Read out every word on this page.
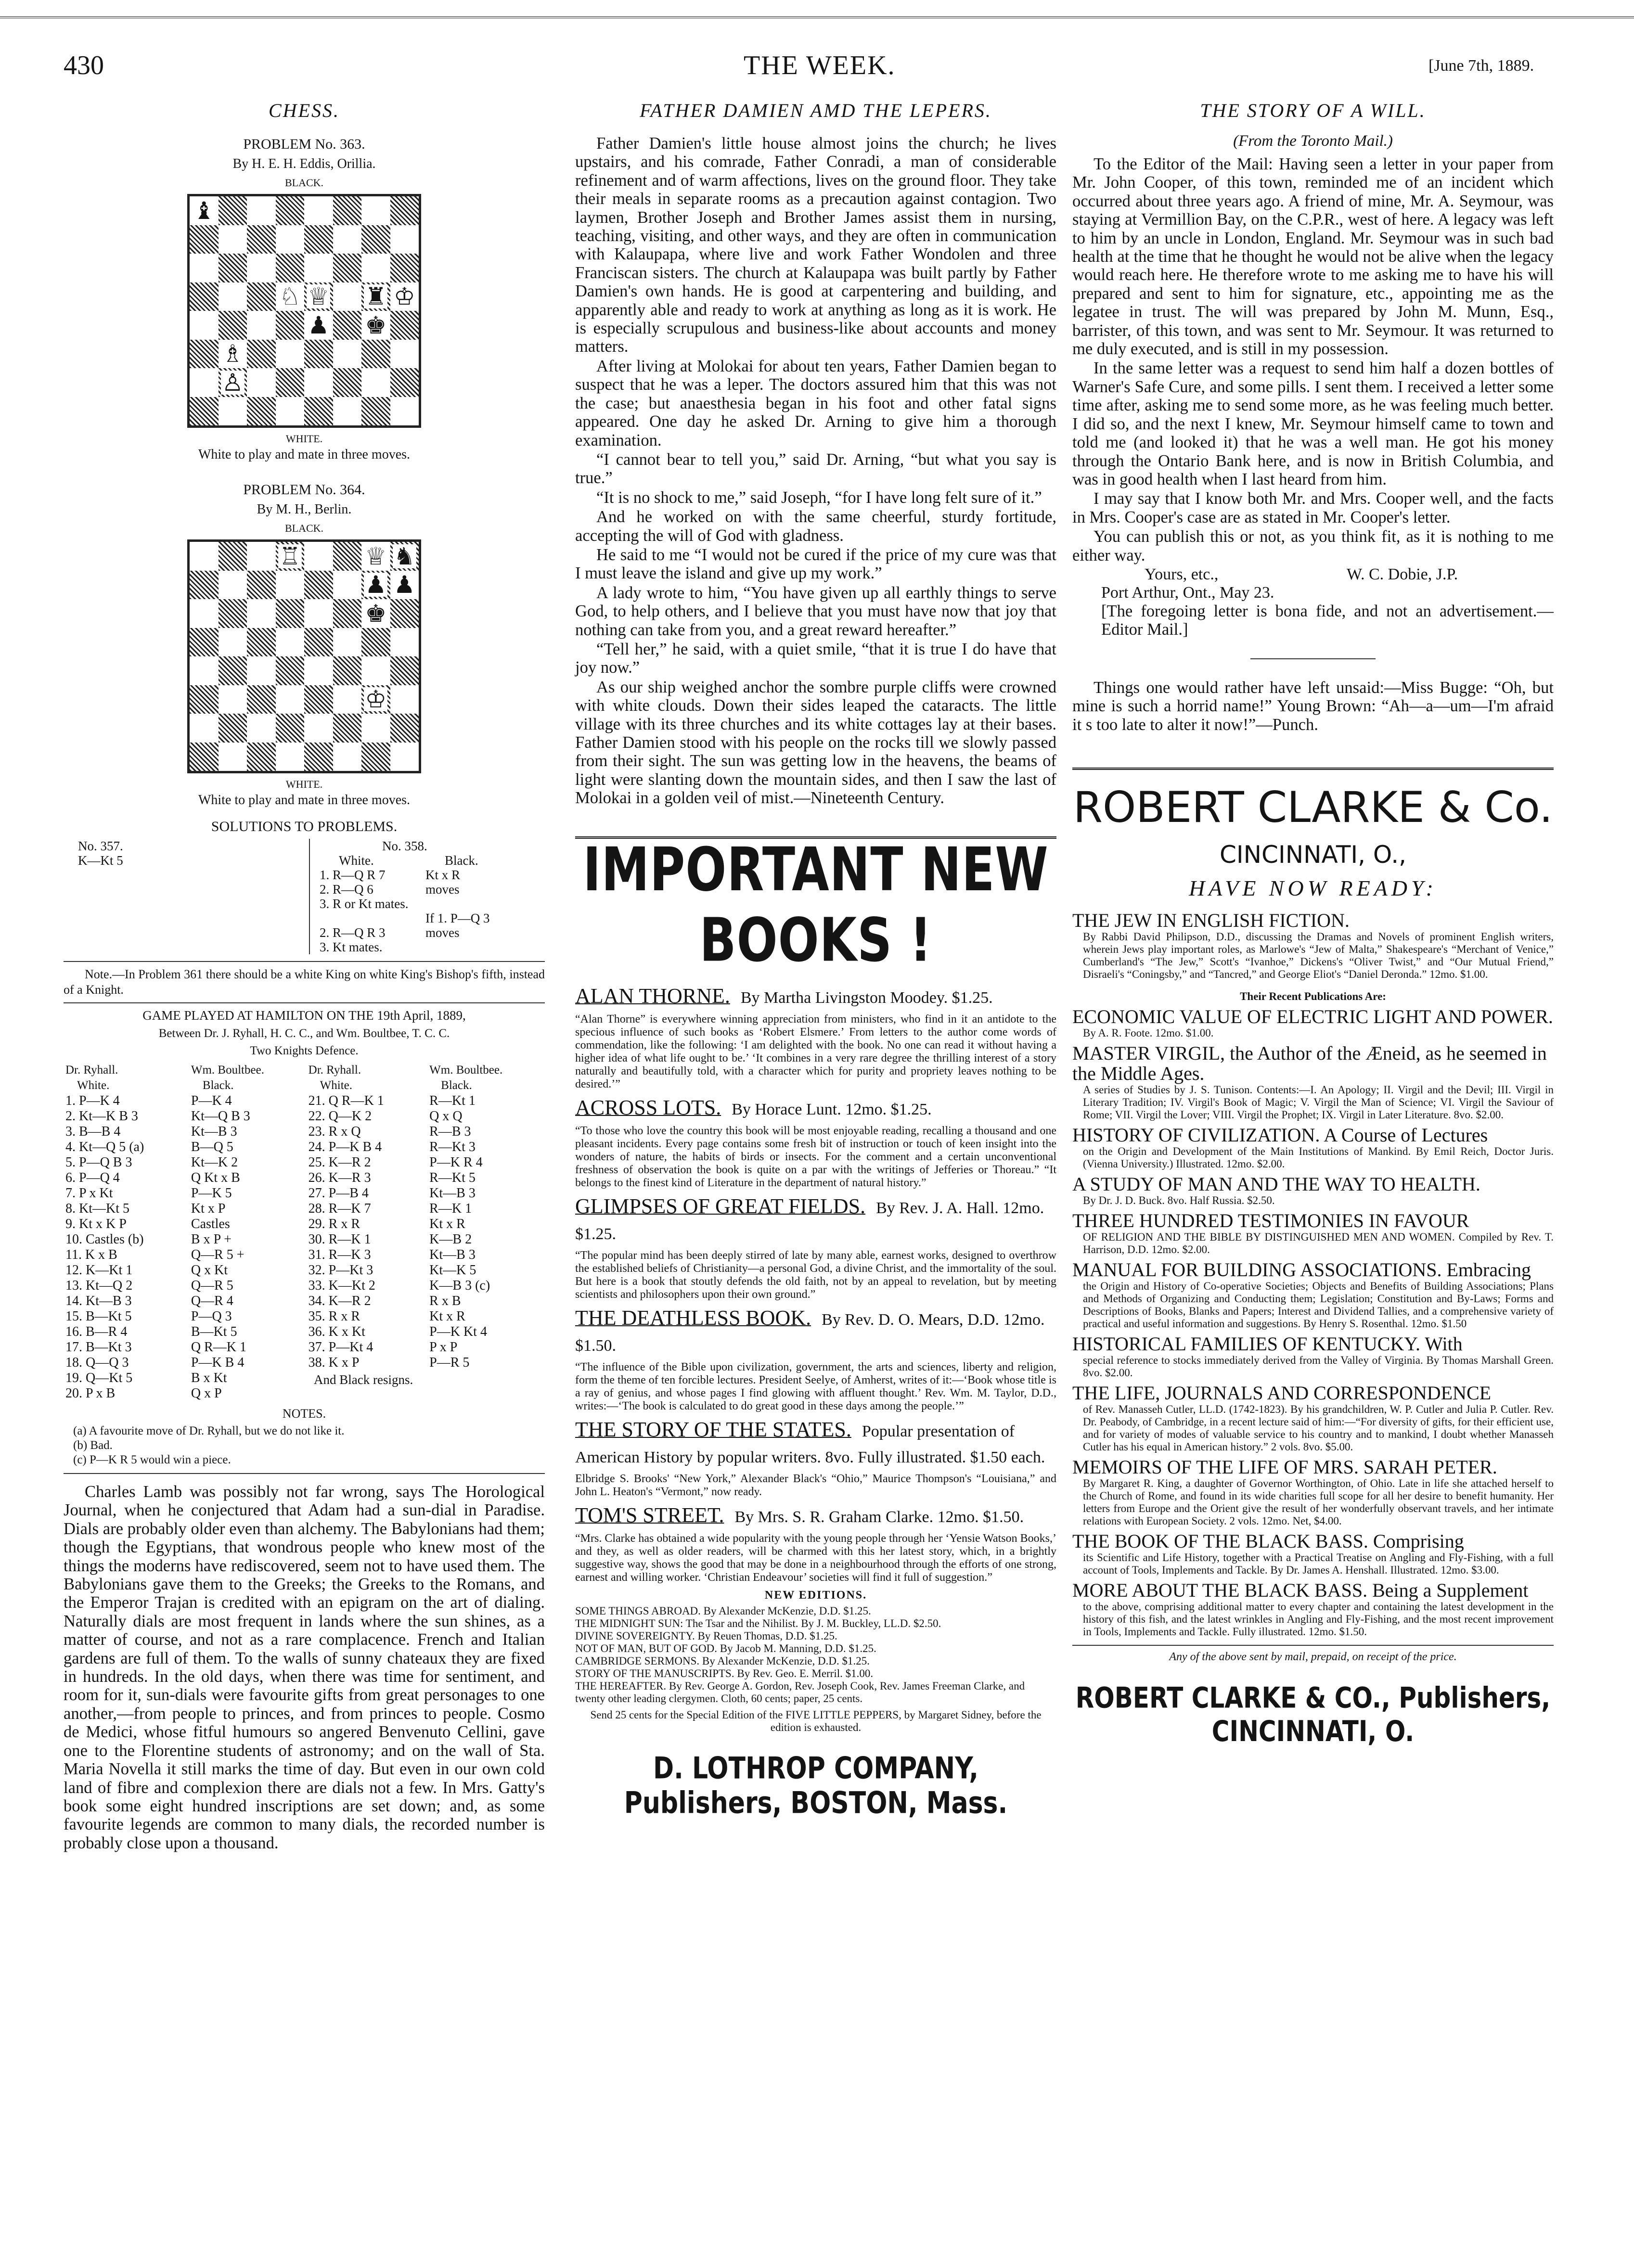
430	THE WEEK.	[June 7th, 1889.
CHESS.
PROBLEM No. 363.
By H. E. H. Eddis, Orillia.
BLACK.
♝
♘ ♕ ♜ ♔
♟ ♚
♗
♙
WHITE.
White to play and mate in three moves.
PROBLEM No. 364.
By M. H., Berlin.
BLACK.
♖	♕ ♞
♟ ♟
♚
♔
WHITE.
White to play and mate in three moves.
SOLUTIONS TO PROBLEMS.
No. 357.
K—Kt 5
No. 358.
White.	Black.
1. R—Q R 7	Kt x R
2. R—Q 6	moves
3. R or Kt mates.
If 1. P—Q 3
2. R—Q R 3	moves
3. Kt mates.

Note.—In Problem 361 there should be a white King on white King's Bishop's fifth, instead of a Knight.

GAME PLAYED AT HAMILTON ON THE 19th April, 1889,
Between Dr. J. Ryhall, H. C. C., and Wm. Boultbee, T. C. C.
Two Knights Defence.
Dr. Ryhall.	Wm. Boultbee.	Dr. Ryhall.	Wm. Boultbee.
White.	Black.	White.	Black.
1. P—K 4	P—K 4	21. Q R—K 1	R—Kt 1
2. Kt—K B 3	Kt—Q B 3	22. Q—K 2	Q x Q
3. B—B 4	Kt—B 3	23. R x Q	R—B 3
4. Kt—Q 5 (a)	B—Q 5	24. P—K B 4	R—Kt 3
5. P—Q B 3	Kt—K 2	25. K—R 2	P—K R 4
6. P—Q 4	Q Kt x B	26. K—R 3	R—Kt 5
7. P x Kt	P—K 5	27. P—B 4	Kt—B 3
8. Kt—Kt 5	Kt x P	28. R—K 7	R—K 1
9. Kt x K P	Castles	29. R x R	Kt x R
10. Castles (b)	B x P +	30. R—K 1	K—B 2
11. K x B	Q—R 5 +	31. R—K 3	Kt—B 3
12. K—Kt 1	Q x Kt	32. P—Kt 3	Kt—K 5
13. Kt—Q 2	Q—R 5	33. K—Kt 2	K—B 3 (c)
14. Kt—B 3	Q—R 4	34. K—R 2	R x B
15. B—Kt 5	P—Q 3	35. R x R	Kt x R
16. B—R 4	B—Kt 5	36. K x Kt	P—K Kt 4
17. B—Kt 3	Q R—K 1	37. P—Kt 4	P x P
18. Q—Q 3	P—K B 4	38. K x P	P—R 5
19. Q—Kt 5	B x Kt		
20. P x B	Q x P		
And Black resigns.
NOTES.
(a) A favourite move of Dr. Ryhall, but we do not like it.
(b) Bad.
(c) P—K R 5 would win a piece.

Charles Lamb was possibly not far wrong, says The Horological Journal, when he conjectured that Adam had a sun-dial in Paradise. Dials are probably older even than alchemy. The Babylonians had them; though the Egyptians, that wondrous people who knew most of the things the moderns have rediscovered, seem not to have used them. The Babylonians gave them to the Greeks; the Greeks to the Romans, and the Emperor Trajan is credited with an epigram on the art of dialing. Naturally dials are most frequent in lands where the sun shines, as a matter of course, and not as a rare complacence. French and Italian gardens are full of them. To the walls of sunny chateaux they are fixed in hundreds. In the old days, when there was time for sentiment, and room for it, sun-dials were favourite gifts from great personages to one another,—from people to princes, and from princes to people. Cosmo de Medici, whose fitful humours so angered Benvenuto Cellini, gave one to the Florentine students of astronomy; and on the wall of Sta. Maria Novella it still marks the time of day. But even in our own cold land of fibre and complexion there are dials not a few. In Mrs. Gatty's book some eight hundred inscriptions are set down; and, as some favourite legends are common to many dials, the recorded number is probably close upon a thousand.

FATHER DAMIEN AMD THE LEPERS.

Father Damien's little house almost joins the church; he lives upstairs, and his comrade, Father Conradi, a man of considerable refinement and of warm affections, lives on the ground floor. They take their meals in separate rooms as a precaution against contagion. Two laymen, Brother Joseph and Brother James assist them in nursing, teaching, visiting, and other ways, and they are often in communication with Kalaupapa, where live and work Father Wondolen and three Franciscan sisters. The church at Kalaupapa was built partly by Father Damien's own hands. He is good at carpentering and building, and apparently able and ready to work at anything as long as it is work. He is especially scrupulous and business-like about accounts and money matters.

After living at Molokai for about ten years, Father Damien began to suspect that he was a leper. The doctors assured him that this was not the case; but anaesthesia began in his foot and other fatal signs appeared. One day he asked Dr. Arning to give him a thorough examination.

“I cannot bear to tell you,” said Dr. Arning, “but what you say is true.”

“It is no shock to me,” said Joseph, “for I have long felt sure of it.”

And he worked on with the same cheerful, sturdy fortitude, accepting the will of God with gladness.

He said to me “I would not be cured if the price of my cure was that I must leave the island and give up my work.”

A lady wrote to him, “You have given up all earthly things to serve God, to help others, and I believe that you must have now that joy that nothing can take from you, and a great reward hereafter.”

“Tell her,” he said, with a quiet smile, “that it is true I do have that joy now.”

As our ship weighed anchor the sombre purple cliffs were crowned with white clouds. Down their sides leaped the cataracts. The little village with its three churches and its white cottages lay at their bases. Father Damien stood with his people on the rocks till we slowly passed from their sight. The sun was getting low in the heavens, the beams of light were slanting down the mountain sides, and then I saw the last of Molokai in a golden veil of mist.—Nineteenth Century.

IMPORTANT NEW BOOKS !
ALAN THORNE. By Martha Livingston Moodey. $1.25.
“Alan Thorne” is everywhere winning appreciation from ministers, who find in it an antidote to the specious influence of such books as ‘Robert Elsmere.’ From letters to the author come words of commendation, like the following: ‘I am delighted with the book. No one can read it without having a higher idea of what life ought to be.’ ‘It combines in a very rare degree the thrilling interest of a story naturally and beautifully told, with a character which for purity and propriety leaves nothing to be desired.’”
ACROSS LOTS. By Horace Lunt. 12mo. $1.25.
“To those who love the country this book will be most enjoyable reading, recalling a thousand and one pleasant incidents. Every page contains some fresh bit of instruction or touch of keen insight into the wonders of nature, the habits of birds or insects. For the comment and a certain unconventional freshness of observation the book is quite on a par with the writings of Jefferies or Thoreau.” “It belongs to the finest kind of Literature in the department of natural history.”
GLIMPSES OF GREAT FIELDS. By Rev. J. A. Hall. 12mo. $1.25.
“The popular mind has been deeply stirred of late by many able, earnest works, designed to overthrow the established beliefs of Christianity—a personal God, a divine Christ, and the immortality of the soul. But here is a book that stoutly defends the old faith, not by an appeal to revelation, but by meeting scientists and philosophers upon their own ground.”
THE DEATHLESS BOOK. By Rev. D. O. Mears, D.D. 12mo. $1.50.
“The influence of the Bible upon civilization, government, the arts and sciences, liberty and religion, form the theme of ten forcible lectures. President Seelye, of Amherst, writes of it:—‘Book whose title is a ray of genius, and whose pages I find glowing with affluent thought.’ Rev. Wm. M. Taylor, D.D., writes:—‘The book is calculated to do great good in these days among the people.’”
THE STORY OF THE STATES. Popular presentation of American History by popular writers. 8vo. Fully illustrated. $1.50 each.
Elbridge S. Brooks' “New York,” Alexander Black's “Ohio,” Maurice Thompson's “Louisiana,” and John L. Heaton's “Vermont,” now ready.
TOM'S STREET. By Mrs. S. R. Graham Clarke. 12mo. $1.50.
“Mrs. Clarke has obtained a wide popularity with the young people through her ‘Yensie Watson Books,’ and they, as well as older readers, will be charmed with this her latest story, which, in a brightly suggestive way, shows the good that may be done in a neighbourhood through the efforts of one strong, earnest and willing worker. ‘Christian Endeavour’ societies will find it full of suggestion.”
NEW EDITIONS.
SOME THINGS ABROAD. By Alexander McKenzie, D.D. $1.25.
THE MIDNIGHT SUN: The Tsar and the Nihilist. By J. M. Buckley, LL.D. $2.50.
DIVINE SOVEREIGNTY. By Reuen Thomas, D.D. $1.25.
NOT OF MAN, BUT OF GOD. By Jacob M. Manning, D.D. $1.25.
CAMBRIDGE SERMONS. By Alexander McKenzie, D.D. $1.25.
STORY OF THE MANUSCRIPTS. By Rev. Geo. E. Merril. $1.00.
THE HEREAFTER. By Rev. George A. Gordon, Rev. Joseph Cook, Rev. James Freeman Clarke, and twenty other leading clergymen. Cloth, 60 cents; paper, 25 cents.
Send 25 cents for the Special Edition of the FIVE LITTLE PEPPERS, by Margaret Sidney, before the edition is exhausted.
D. LOTHROP COMPANY, Publishers, BOSTON, Mass.
THE STORY OF A WILL.
(From the Toronto Mail.)

To the Editor of the Mail: Having seen a letter in your paper from Mr. John Cooper, of this town, reminded me of an incident which occurred about three years ago. A friend of mine, Mr. A. Seymour, was staying at Vermillion Bay, on the C.P.R., west of here. A legacy was left to him by an uncle in London, England. Mr. Seymour was in such bad health at the time that he thought he would not be alive when the legacy would reach here. He therefore wrote to me asking me to have his will prepared and sent to him for signature, etc., appointing me as the legatee in trust. The will was prepared by John M. Munn, Esq., barrister, of this town, and was sent to Mr. Seymour. It was returned to me duly executed, and is still in my possession.

In the same letter was a request to send him half a dozen bottles of Warner's Safe Cure, and some pills. I sent them. I received a letter some time after, asking me to send some more, as he was feeling much better. I did so, and the next I knew, Mr. Seymour himself came to town and told me (and looked it) that he was a well man. He got his money through the Ontario Bank here, and is now in British Columbia, and was in good health when I last heard from him.

I may say that I know both Mr. and Mrs. Cooper well, and the facts in Mrs. Cooper's case are as stated in Mr. Cooper's letter.

You can publish this or not, as you think fit, as it is nothing to me either way.

Yours, etc.,	W. C. Dobie, J.P.
Port Arthur, Ont., May 23.

[The foregoing letter is bona fide, and not an advertisement.—Editor Mail.]

Things one would rather have left unsaid:—Miss Bugge: “Oh, but mine is such a horrid name!” Young Brown: “Ah—a—um—I'm afraid it s too late to alter it now!”—Punch.

ROBERT CLARKE & Co.
CINCINNATI, O.,
HAVE NOW READY:
THE JEW IN ENGLISH FICTION.
By Rabbi David Philipson, D.D., discussing the Dramas and Novels of prominent English writers, wherein Jews play important roles, as Marlowe's “Jew of Malta,” Shakespeare's “Merchant of Venice,” Cumberland's “The Jew,” Scott's “Ivanhoe,” Dickens's “Oliver Twist,” and “Our Mutual Friend,” Disraeli's “Coningsby,” and “Tancred,” and George Eliot's “Daniel Deronda.” 12mo. $1.00.
Their Recent Publications Are:
ECONOMIC VALUE OF ELECTRIC LIGHT AND POWER.
By A. R. Foote. 12mo. $1.00.
MASTER VIRGIL, the Author of the Æneid, as he seemed in the Middle Ages.
A series of Studies by J. S. Tunison. Contents:—I. An Apology; II. Virgil and the Devil; III. Virgil in Literary Tradition; IV. Virgil's Book of Magic; V. Virgil the Man of Science; VI. Virgil the Saviour of Rome; VII. Virgil the Lover; VIII. Virgil the Prophet; IX. Virgil in Later Literature. 8vo. $2.00.
HISTORY OF CIVILIZATION. A Course of Lectures
on the Origin and Development of the Main Institutions of Mankind. By Emil Reich, Doctor Juris. (Vienna University.) Illustrated. 12mo. $2.00.
A STUDY OF MAN AND THE WAY TO HEALTH.
By Dr. J. D. Buck. 8vo. Half Russia. $2.50.
THREE HUNDRED TESTIMONIES IN FAVOUR
OF RELIGION AND THE BIBLE BY DISTINGUISHED MEN AND WOMEN. Compiled by Rev. T. Harrison, D.D. 12mo. $2.00.
MANUAL FOR BUILDING ASSOCIATIONS. Embracing
the Origin and History of Co-operative Societies; Objects and Benefits of Building Associations; Plans and Methods of Organizing and Conducting them; Legislation; Constitution and By-Laws; Forms and Descriptions of Books, Blanks and Papers; Interest and Dividend Tallies, and a comprehensive variety of practical and useful information and suggestions. By Henry S. Rosenthal. 12mo. $1.50
HISTORICAL FAMILIES OF KENTUCKY. With
special reference to stocks immediately derived from the Valley of Virginia. By Thomas Marshall Green. 8vo. $2.00.
THE LIFE, JOURNALS AND CORRESPONDENCE
of Rev. Manasseh Cutler, LL.D. (1742-1823). By his grandchildren, W. P. Cutler and Julia P. Cutler. Rev. Dr. Peabody, of Cambridge, in a recent lecture said of him:—“For diversity of gifts, for their efficient use, and for variety of modes of valuable service to his country and to mankind, I doubt whether Manasseh Cutler has his equal in American history.” 2 vols. 8vo. $5.00.
MEMOIRS OF THE LIFE OF MRS. SARAH PETER.
By Margaret R. King, a daughter of Governor Worthington, of Ohio. Late in life she attached herself to the Church of Rome, and found in its wide charities full scope for all her desire to benefit humanity. Her letters from Europe and the Orient give the result of her wonderfully observant travels, and her intimate relations with European Society. 2 vols. 12mo. Net, $4.00.
THE BOOK OF THE BLACK BASS. Comprising
its Scientific and Life History, together with a Practical Treatise on Angling and Fly-Fishing, with a full account of Tools, Implements and Tackle. By Dr. James A. Henshall. Illustrated. 12mo. $3.00.
MORE ABOUT THE BLACK BASS. Being a Supplement
to the above, comprising additional matter to every chapter and containing the latest development in the history of this fish, and the latest wrinkles in Angling and Fly-Fishing, and the most recent improvement in Tools, Implements and Tackle. Fully illustrated. 12mo. $1.50.
Any of the above sent by mail, prepaid, on receipt of the price.
ROBERT CLARKE & CO., Publishers, CINCINNATI, O.
